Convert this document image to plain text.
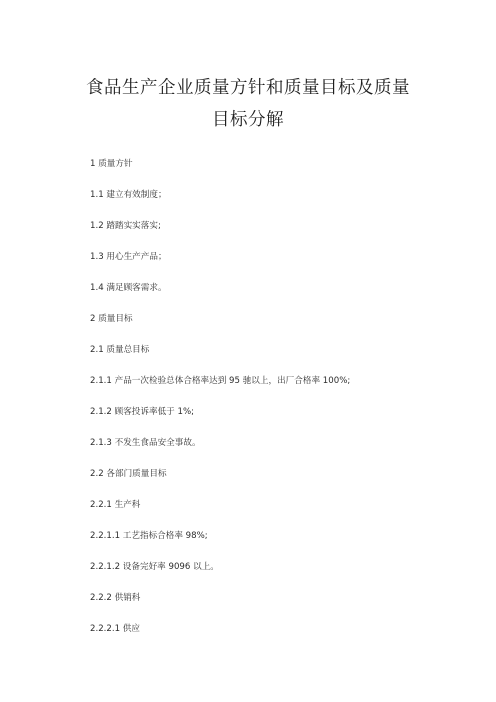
食品生产企业质量方针和质量目标及质量
目标分解
1 质量方针
1.1 建立有效制度；
1.2 踏踏实实落实;
1.3 用心生产产品；
1.4 满足顾客需求。
2 质量目标
2.1 质量总目标
2.1.1 产品一次检验总体合格率达到 95 驰以上，出厂合格率 100%;
2.1.2 顾客投诉率低于 1%;
2.1.3 不发生食品安全事故。
2.2 各部门质量目标
2.2.1 生产科
2.2.1.1 工艺指标合格率 98%;
2.2.1.2 设备完好率 9096 以上。
2.2.2 供销科
2.2.2.1 供应
